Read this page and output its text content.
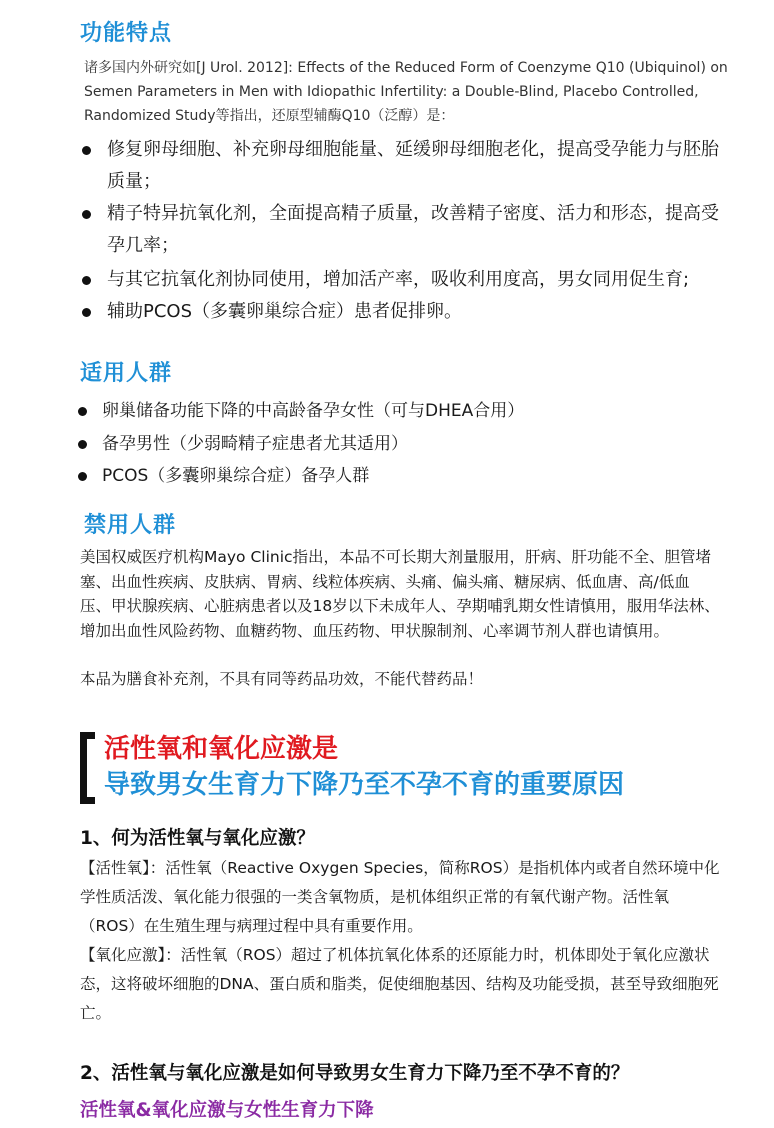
功能特点
诸多国内外研究如[J Urol. 2012]: Effects of the Reduced Form of Coenzyme Q10 (Ubiquinol) on Semen Parameters in Men with Idiopathic Infertility: a Double-Blind, Placebo Controlled, Randomized Study等指出，还原型辅酶Q10（泛醇）是：
修复卵母细胞、补充卵母细胞能量、延缓卵母细胞老化，提高受孕能力与胚胎质量；
精子特异抗氧化剂，全面提高精子质量，改善精子密度、活力和形态，提高受孕几率；
与其它抗氧化剂协同使用，增加活产率，吸收利用度高，男女同用促生育;
辅助PCOS（多囊卵巢综合症）患者促排卵。
适用人群
卵巢储备功能下降的中高龄备孕女性（可与DHEA合用）
备孕男性（少弱畸精子症患者尤其适用）
PCOS（多囊卵巢综合症）备孕人群
禁用人群
美国权威医疗机构Mayo Clinic指出，本品不可长期大剂量服用，肝病、肝功能不全、胆管堵塞、出血性疾病、皮肤病、胃病、线粒体疾病、头痛、偏头痛、糖尿病、低血唐、高/低血压、甲状腺疾病、心脏病患者以及18岁以下未成年人、孕期哺乳期女性请慎用，服用华法林、增加出血性风险药物、血糖药物、血压药物、甲状腺制剂、心率调节剂人群也请慎用。
本品为膳食补充剂，不具有同等药品功效，不能代替药品！
活性氧和氧化应激是
导致男女生育力下降乃至不孕不育的重要原因
1、何为活性氧与氧化应激？
【活性氧】：活性氧（Reactive Oxygen Species，简称ROS）是指机体内或者自然环境中化学性质活泼、氧化能力很强的一类含氧物质，是机体组织正常的有氧代谢产物。活性氧（ROS）在生殖生理与病理过程中具有重要作用。
【氧化应激】：活性氧（ROS）超过了机体抗氧化体系的还原能力时，机体即处于氧化应激状态，这将破坏细胞的DNA、蛋白质和脂类，促使细胞基因、结构及功能受损，甚至导致细胞死亡。
2、活性氧与氧化应激是如何导致男女生育力下降乃至不孕不育的？
活性氧&氧化应激与女性生育力下降
